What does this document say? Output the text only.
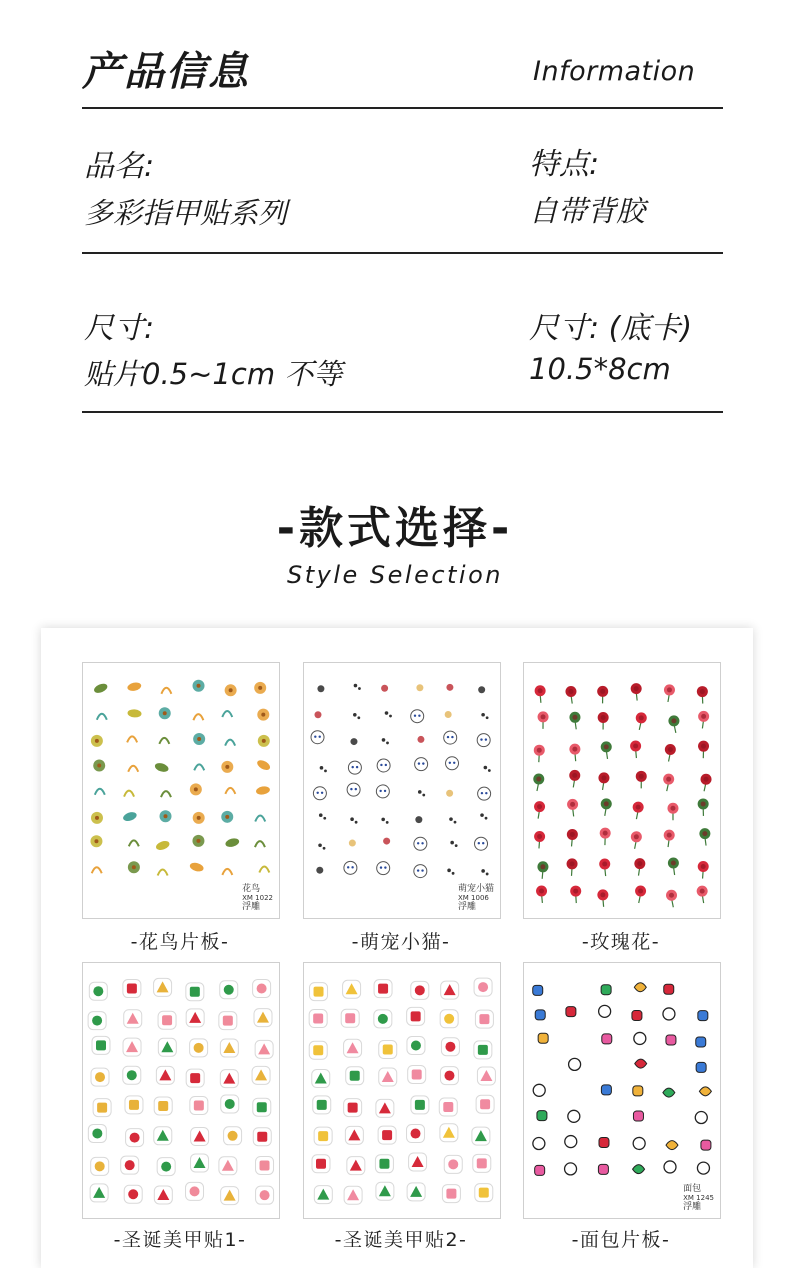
产品信息	Information
品名:
多彩指甲贴系列
特点:
自带背胶
尺寸:
贴片0.5~1cm 不等
尺寸: (底卡)
10.5*8cm
-款式选择-
Style Selection
花鸟
XM 1022
浮雕
-花鸟片板-
萌宠小猫
XM 1006
浮雕
-萌宠小猫-	-玫瑰花-
-圣诞美甲贴1-	-圣诞美甲贴2-
面包
XM 1245
浮雕
-面包片板-
